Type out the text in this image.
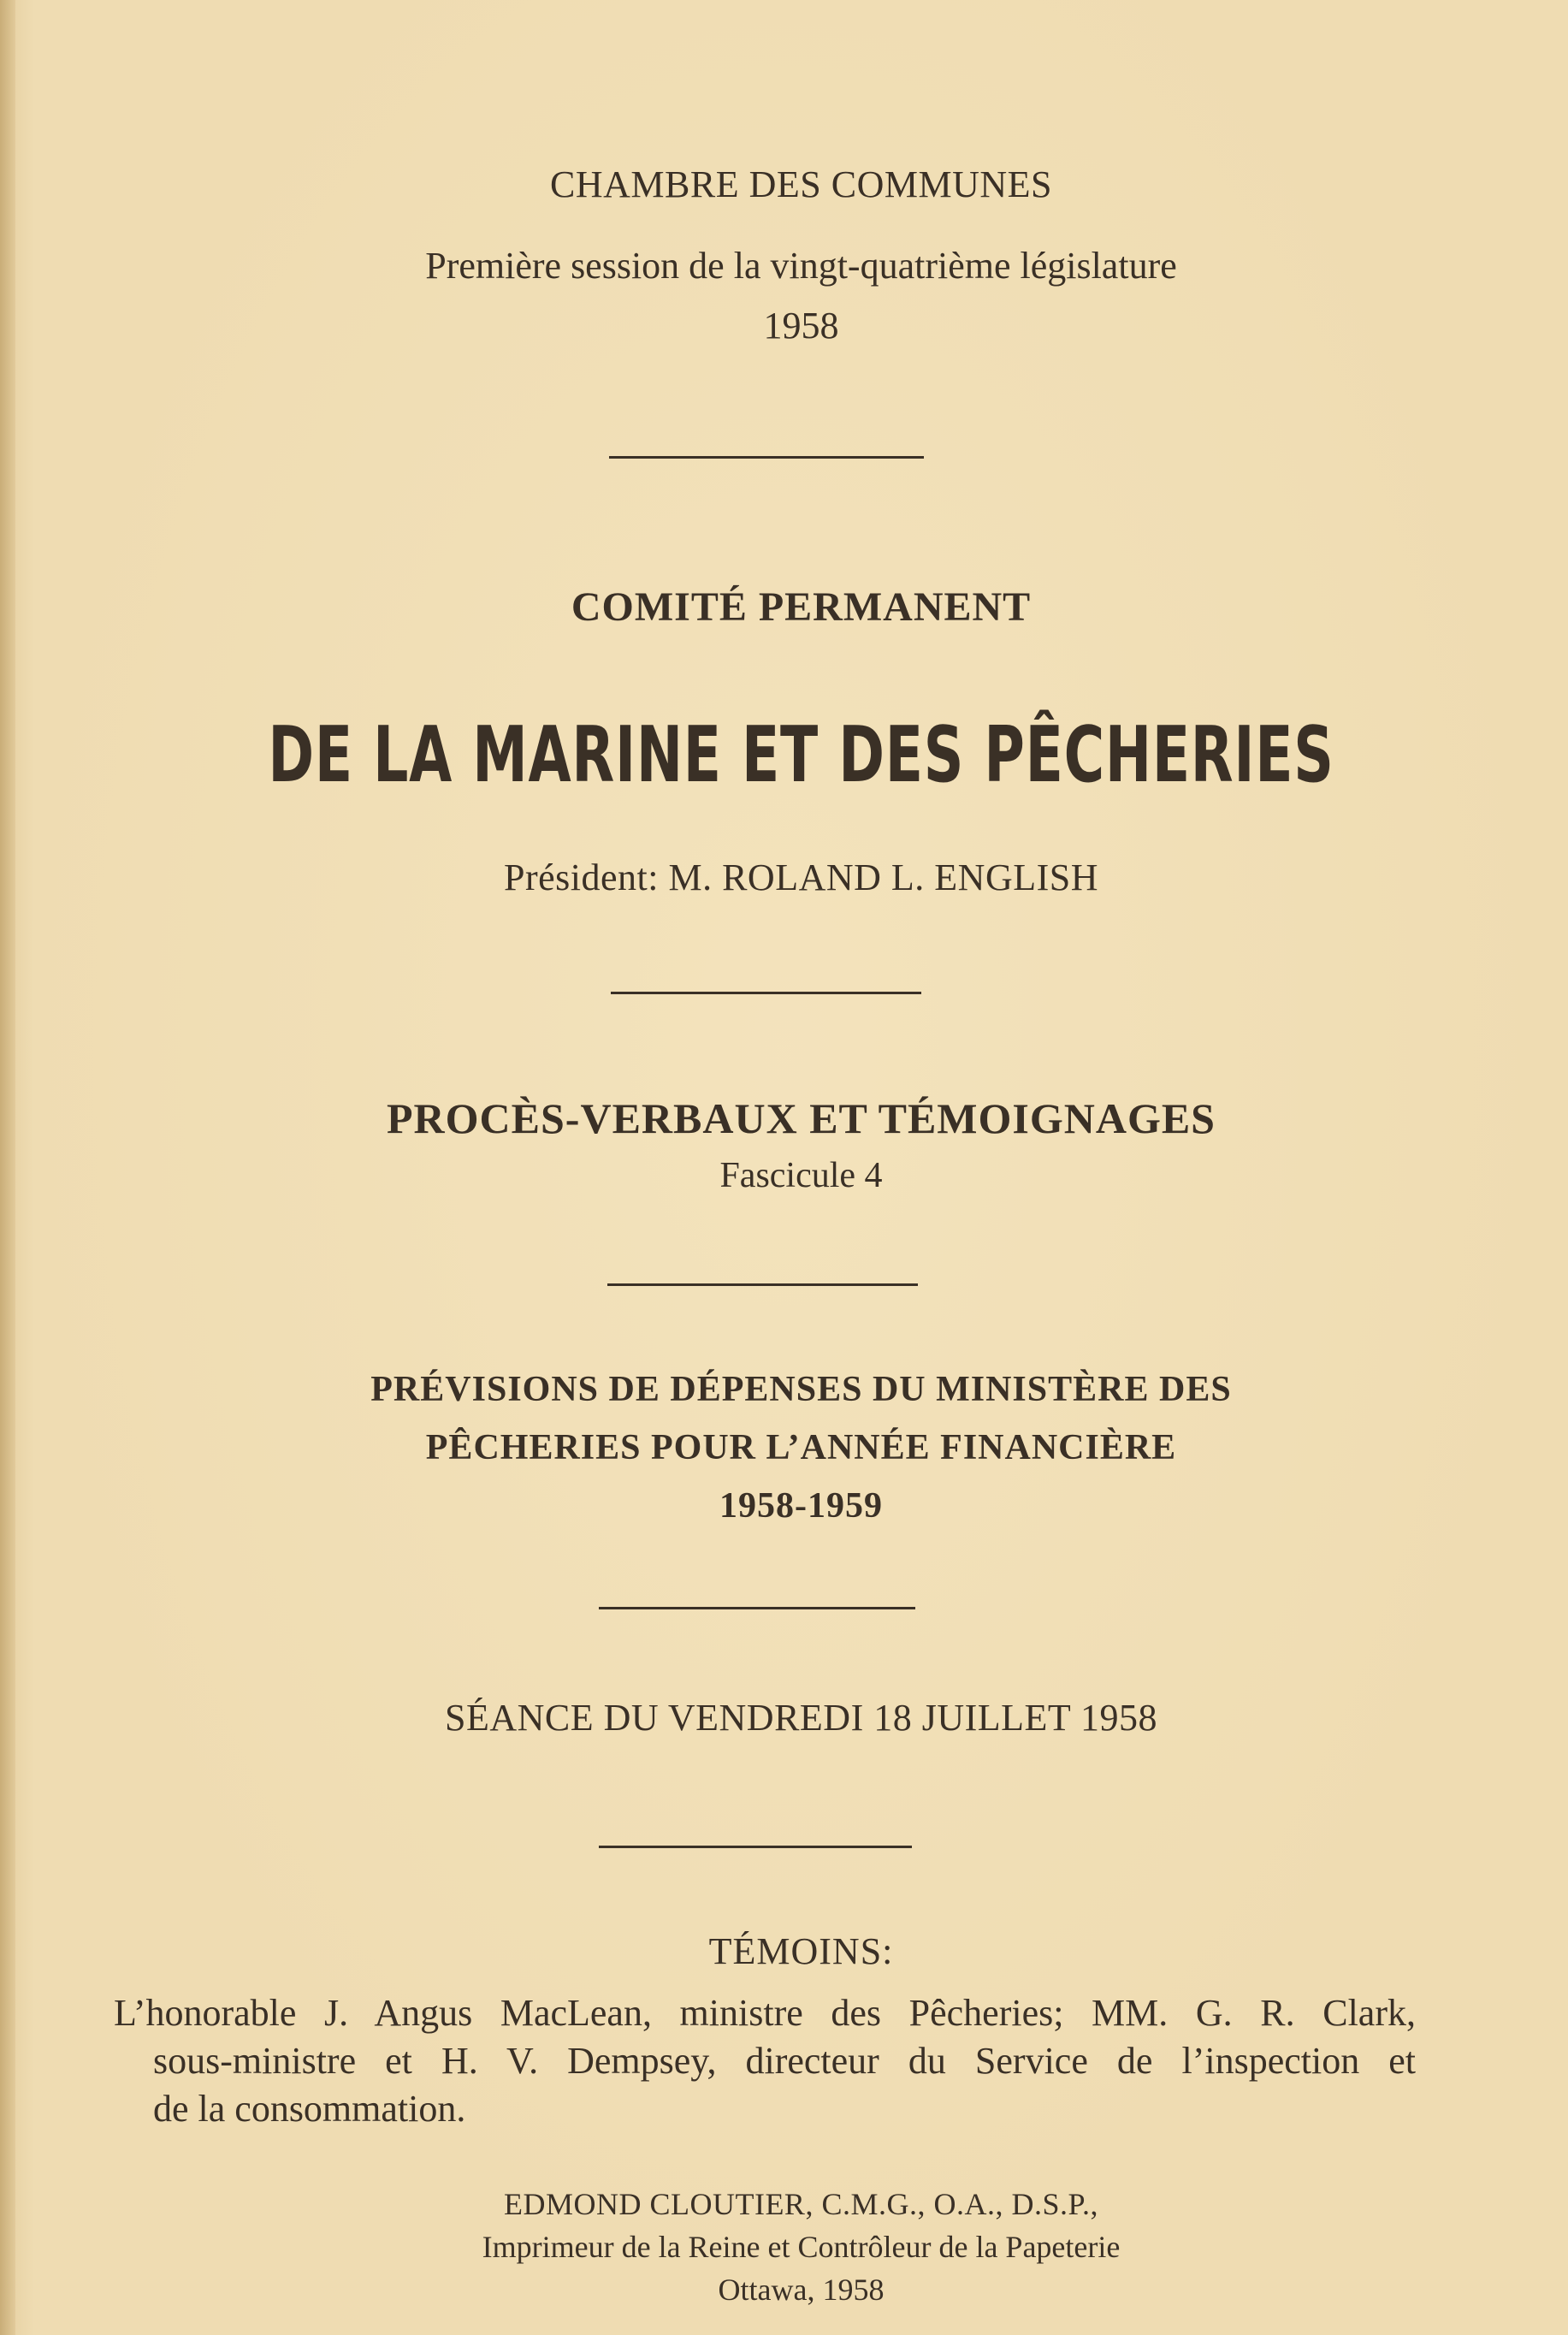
CHAMBRE DES COMMUNES
Première session de la vingt-quatrième législature
1958
COMITÉ PERMANENT
DE LA MARINE ET DES PÊCHERIES
Président: M. ROLAND L. ENGLISH
PROCÈS-VERBAUX ET TÉMOIGNAGES
Fascicule 4
PRÉVISIONS DE DÉPENSES DU MINISTÈRE DES
PÊCHERIES POUR L’ANNÉE FINANCIÈRE
1958-1959
SÉANCE DU VENDREDI 18 JUILLET 1958
TÉMOINS:

L’honorable J. Angus MacLean, ministre des Pêcheries; MM. G. R. Clark,

sous-ministre et H. V. Dempsey, directeur du Service de l’inspection et

de la consommation.

EDMOND CLOUTIER, C.M.G., O.A., D.S.P.,
Imprimeur de la Reine et Contrôleur de la Papeterie
Ottawa, 1958
